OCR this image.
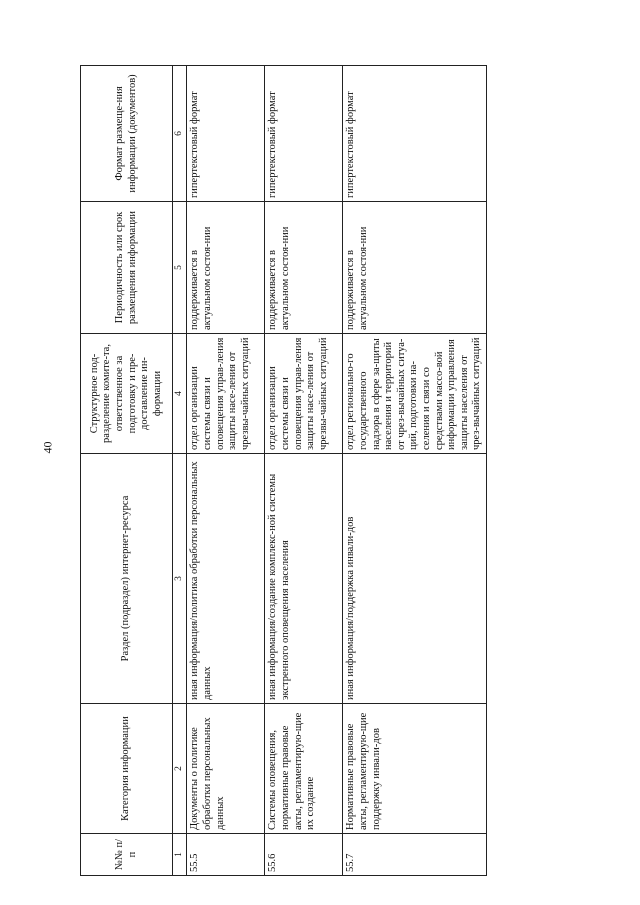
40
№№ п/п	Категория информации	Раздел (подраздел) интернет-ресурса	Структурное под-разделение комите-та, ответственное за подготовку и пре-доставление ин-формации	Периодичность или срок размещения информации	Формат размеще-ния информации (документов)
1	2	3	4	5	6
55.5	Документы о политике обработки персональных данных	иная информация/политика обработки персональных данных	отдел организации системы связи и оповещения управ-ления защиты насе-ления от чрезвы-чайных ситуаций	поддерживается в актуальном состоя-нии	гипертекстовый формат
55.6	Системы оповещения, нормативные правовые акты, регламентирую-щие их создание	иная информация/создание комплекс-ной системы экстренного оповещения населения	отдел организации системы связи и оповещения управ-ления защиты насе-ления от чрезвы-чайных ситуаций	поддерживается в актуальном состоя-нии	гипертекстовый формат
55.7	Нормативные правовые акты, регламентирую-щие поддержку инвали-дов	иная информация/поддержка инвали-дов	отдел регионально-го государственного надзора в сфере за-щиты населения и территорий от чрез-вычайных ситуа-ций, подготовки на-селения и связи со средствами массо-вой информации управления защиты населения от чрез-вычайных ситуаций	поддерживается в актуальном состоя-нии	гипертекстовый формат
